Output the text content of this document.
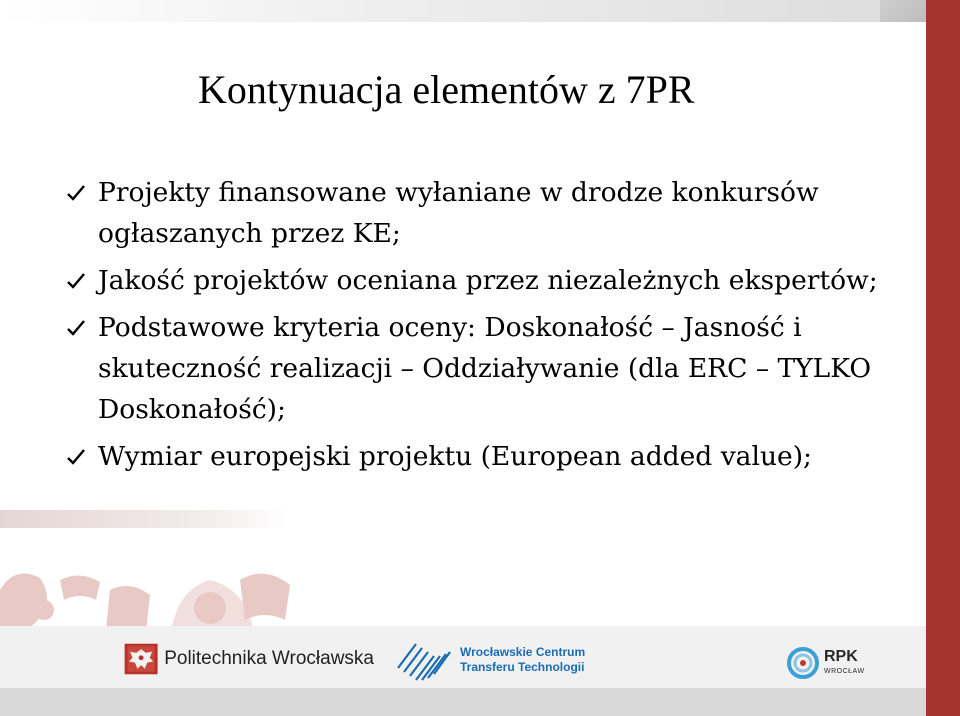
Kontynuacja elementów z 7PR
Projekty finansowane wyłaniane w drodze konkursów ogłaszanych przez KE;
Jakość projektów oceniana przez niezależnych ekspertów;
Podstawowe kryteria oceny: Doskonałość – Jasność i skuteczność realizacji – Oddziaływanie (dla ERC – TYLKO Doskonałość);
Wymiar europejski projektu (European added value);
Politechnika Wrocławska	Wrocławskie Centrum
Transferu Technologii
RPK
WROCŁAW
